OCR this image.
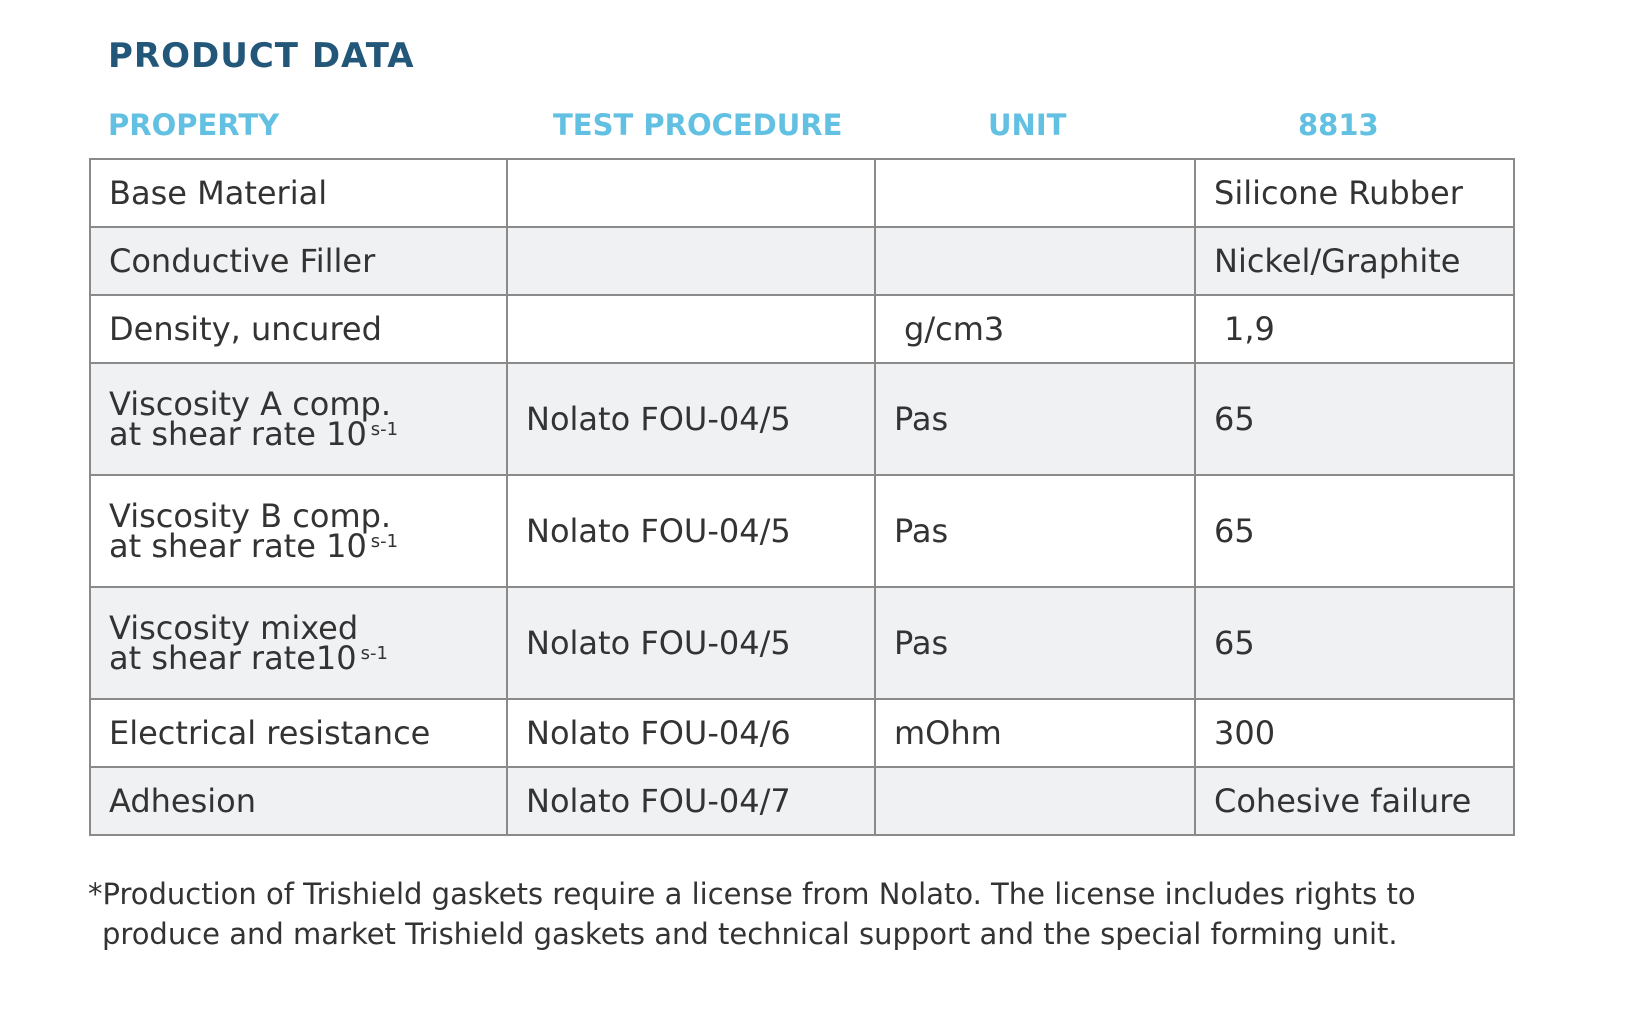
PRODUCT DATA
PROPERTY	TEST PROCEDURE	UNIT	8813
Base Material			Silicone Rubber
Conductive Filler			Nickel/Graphite
Density, uncured		g/cm3	1,9

Viscosity A comp.
at shear rate 10 $^{s-1}$	Nolato FOU-04/5	Pas	65

Viscosity B comp.
at shear rate 10 $^{s-1}$	Nolato FOU-04/5	Pas	65

Viscosity mixed
at shear rate10 $^{s-1}$	Nolato FOU-04/5	Pas	65
Electrical resistance	Nolato FOU-04/6	mOhm	300
Adhesion	Nolato FOU-04/7		Cohesive failure
*Production of Trishield gaskets require a license from Nolato. The license includes rights to
produce and market Trishield gaskets and technical support and the special forming unit.
